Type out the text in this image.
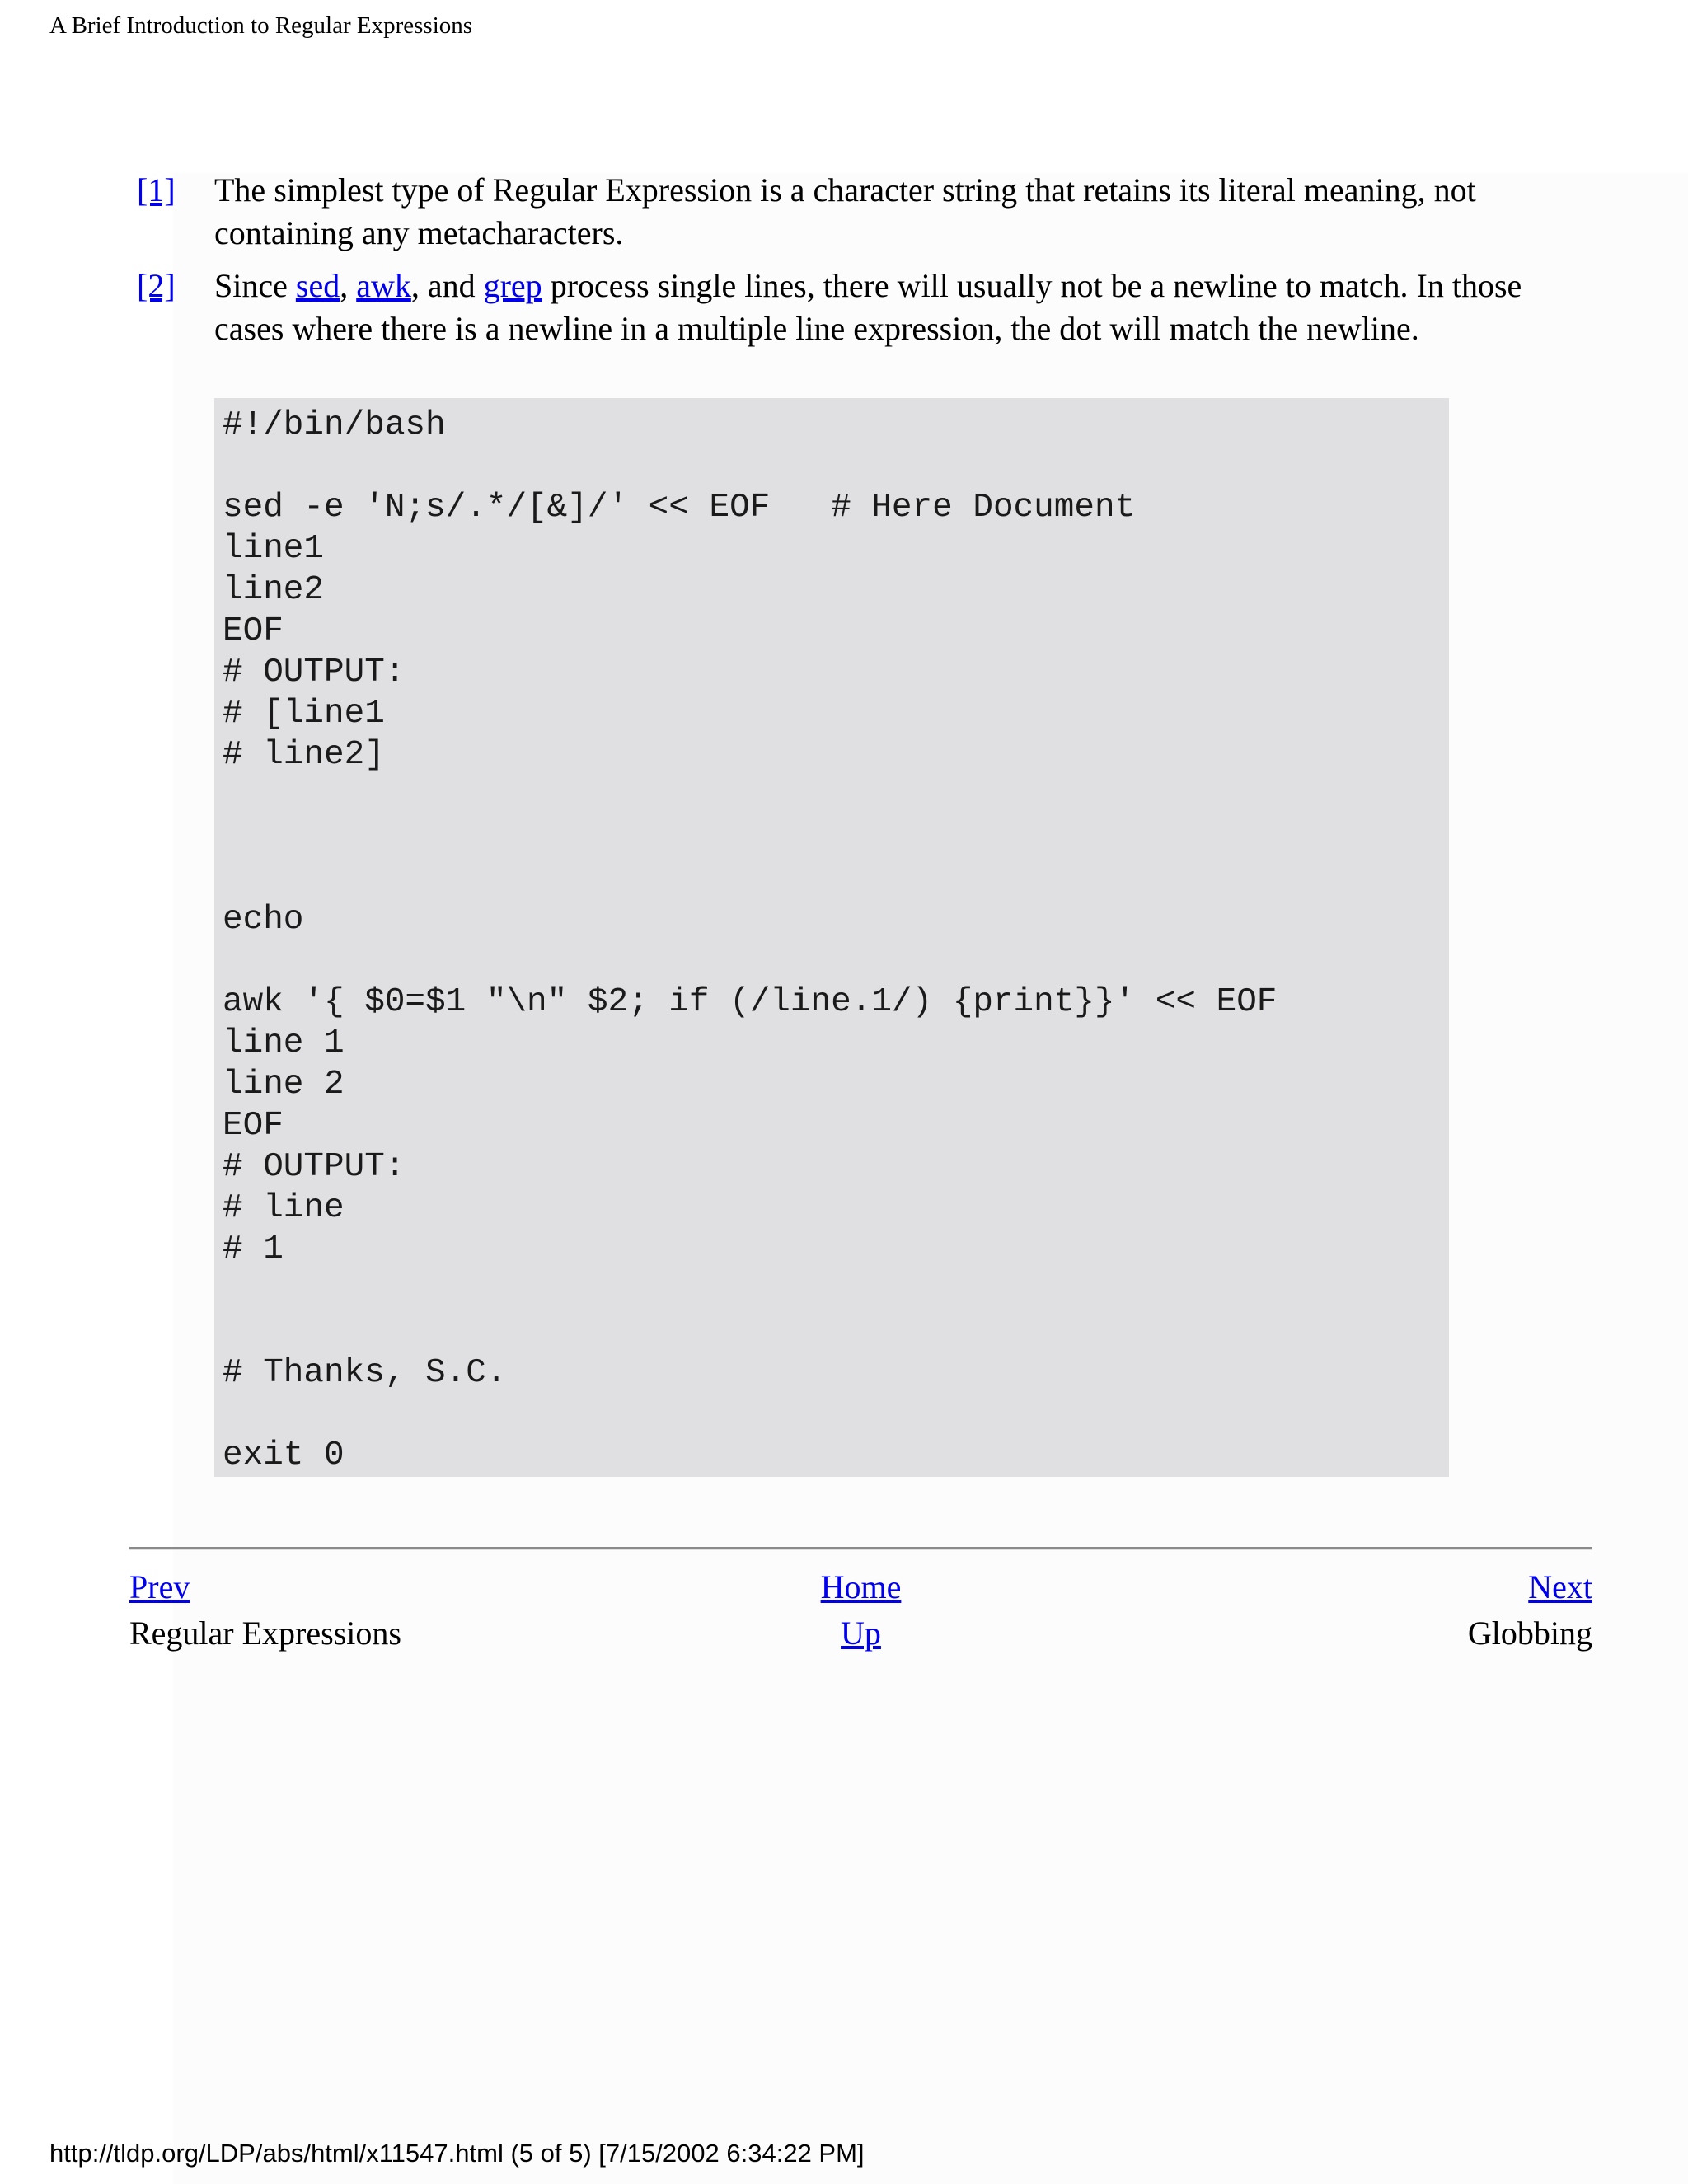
A Brief Introduction to Regular Expressions
[1] The simplest type of Regular Expression is a character string that retains its literal meaning, not containing any metacharacters.
[2] Since sed, awk, and grep process single lines, there will usually not be a newline to match. In those cases where there is a newline in a multiple line expression, the dot will match the newline.
#!/bin/bash

sed -e 'N;s/.*/[&]/' << EOF   # Here Document
line1
line2
EOF
# OUTPUT:
# [line1
# line2]

echo

awk '{ $0=$1 "\n" $2; if (/line.1/) {print}}' << EOF
line 1
line 2
EOF
# OUTPUT:
# line
# 1

# Thanks, S.C.

exit 0
Prev	Home	Next
Regular Expressions	Up	Globbing
http://tldp.org/LDP/abs/html/x11547.html (5 of 5) [7/15/2002 6:34:22 PM]
